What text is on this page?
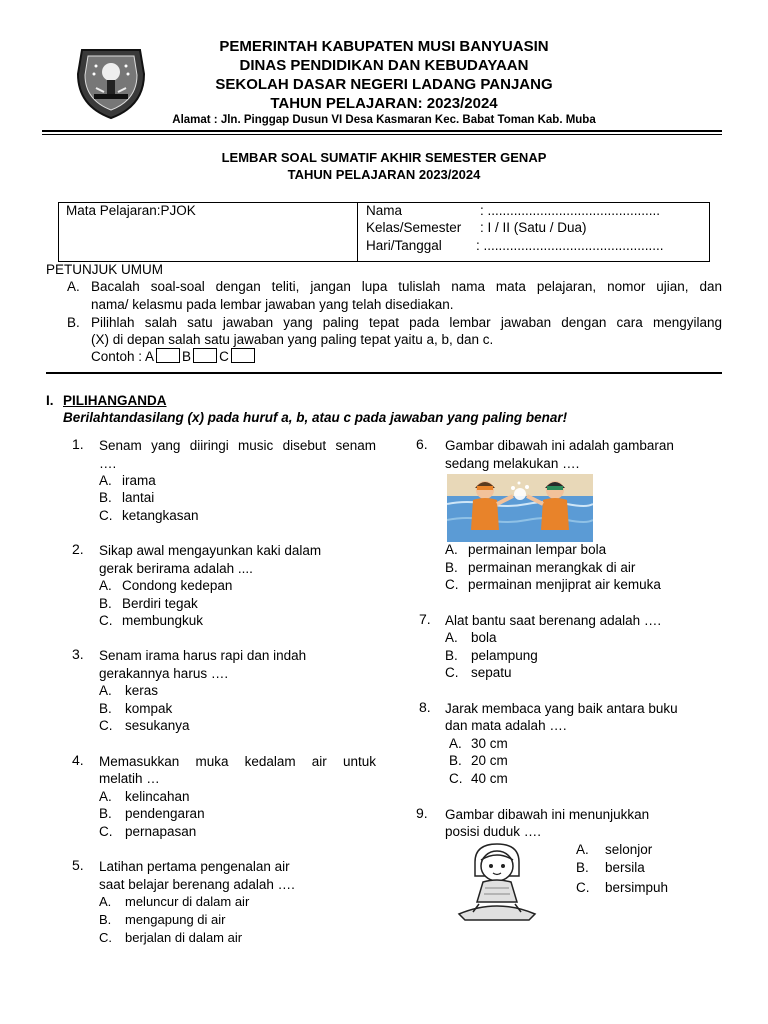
PEMERINTAH KABUPATEN MUSI BANYUASIN
DINAS PENDIDIKAN DAN KEBUDAYAAN
SEKOLAH DASAR NEGERI LADANG PANJANG
TAHUN PELAJARAN: 2023/2024
Alamat : Jln. Pinggap Dusun VI Desa Kasmaran Kec. Babat Toman Kab. Muba
LEMBAR SOAL SUMATIF AKHIR SEMESTER GENAP
TAHUN PELAJARAN 2023/2024
Mata Pelajaran:PJOK	Nama	: ..............................................
Kelas/Semester : I / II (Satu / Dua)
Hari/Tanggal	: ................................................
PETUNJUK UMUM
A. Bacalah soal-soal dengan teliti, jangan lupa tulislah nama mata pelajaran, nomor ujian, dan
nama/ kelasmu pada lembar jawaban yang telah disediakan.
B. Pilihlah salah satu jawaban yang paling tepat pada lembar jawaban dengan cara mengyilang
(X) di depan salah satu jawaban yang paling tepat yaitu a, b, dan c.
Contoh : A B C
I. PILIHANGANDA
Berilahtandasilang (x) pada huruf a, b, atau c pada jawaban yang paling benar!
1. Senam yang diiringi music disebut senam
….
A. irama
B. lantai
C. ketangkasan
2. Sikap awal mengayunkan kaki dalam
gerak berirama adalah ....
A. Condong kedepan
B. Berdiri tegak
C. membungkuk
3. Senam irama harus rapi dan indah
gerakannya harus ….
A. keras
B. kompak
C. sesukanya
4. Memasukkan muka kedalam air untuk
melatih …
A. kelincahan
B. pendengaran
C. pernapasan
5. Latihan pertama pengenalan air
saat belajar berenang adalah ….
A. meluncur di dalam air
B. mengapung di air
C. berjalan di dalam air
6. Gambar dibawah ini adalah gambaran
sedang melakukan ….
A. permainan lempar bola
B. permainan merangkak di air
C. permainan menjiprat air kemuka
7. Alat bantu saat berenang adalah ….
A. bola
B. pelampung
C. sepatu
8. Jarak membaca yang baik antara buku
dan mata adalah ….
A. 30 cm
B. 20 cm
C. 40 cm
9. Gambar dibawah ini menunjukkan
posisi duduk ….
A. selonjor
B. bersila
C. bersimpuh
